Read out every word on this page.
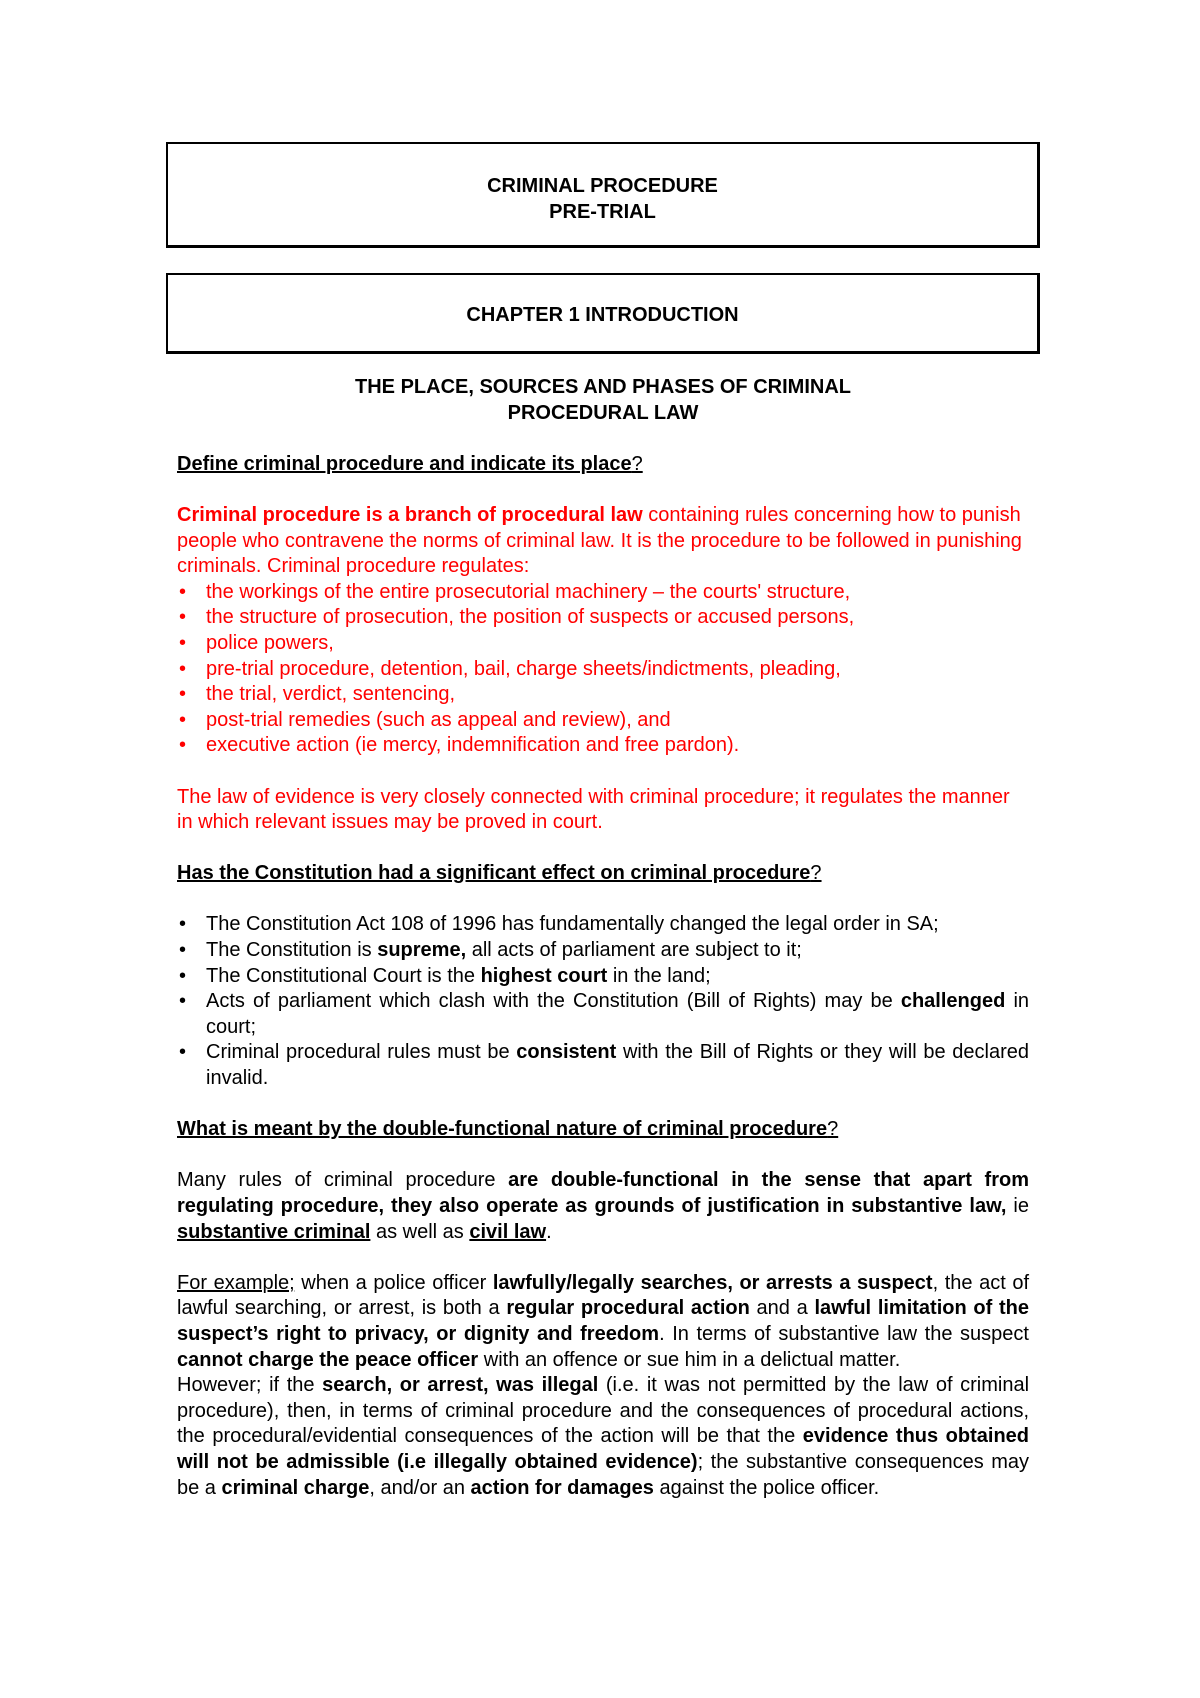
CRIMINAL PROCEDURE
PRE-TRIAL
CHAPTER 1 INTRODUCTION

THE PLACE, SOURCES AND PHASES OF CRIMINAL
PROCEDURAL LAW

Define criminal procedure and indicate its place?

Criminal procedure is a branch of procedural law containing rules concerning how to punish people who contravene the norms of criminal law. It is the procedure to be followed in punishing criminals. Criminal procedure regulates:

• the workings of the entire prosecutorial machinery – the courts' structure,
• the structure of prosecution, the position of suspects or accused persons,
• police powers,
• pre-trial procedure, detention, bail, charge sheets/indictments, pleading,
• the trial, verdict, sentencing,
• post-trial remedies (such as appeal and review), and
• executive action (ie mercy, indemnification and free pardon).

The law of evidence is very closely connected with criminal procedure; it regulates the manner in which relevant issues may be proved in court.

Has the Constitution had a significant effect on criminal procedure?

• The Constitution Act 108 of 1996 has fundamentally changed the legal order in SA;
• The Constitution is supreme, all acts of parliament are subject to it;
• The Constitutional Court is the highest court in the land;
• Acts of parliament which clash with the Constitution (Bill of Rights) may be challenged in court;
• Criminal procedural rules must be consistent with the Bill of Rights or they will be declared invalid.

What is meant by the double-functional nature of criminal procedure?

Many rules of criminal procedure are double-functional in the sense that apart from regulating procedure, they also operate as grounds of justification in substantive law, ie substantive criminal as well as civil law.

For example; when a police officer lawfully/legally searches, or arrests a suspect, the act of lawful searching, or arrest, is both a regular procedural action and a lawful limitation of the suspect’s right to privacy, or dignity and freedom. In terms of substantive law the suspect cannot charge the peace officer with an offence or sue him in a delictual matter.

However; if the search, or arrest, was illegal (i.e. it was not permitted by the law of criminal procedure), then, in terms of criminal procedure and the consequences of procedural actions, the procedural/evidential consequences of the action will be that the evidence thus obtained will not be admissible (i.e illegally obtained evidence); the substantive consequences may be a criminal charge, and/or an action for damages against the police officer.
